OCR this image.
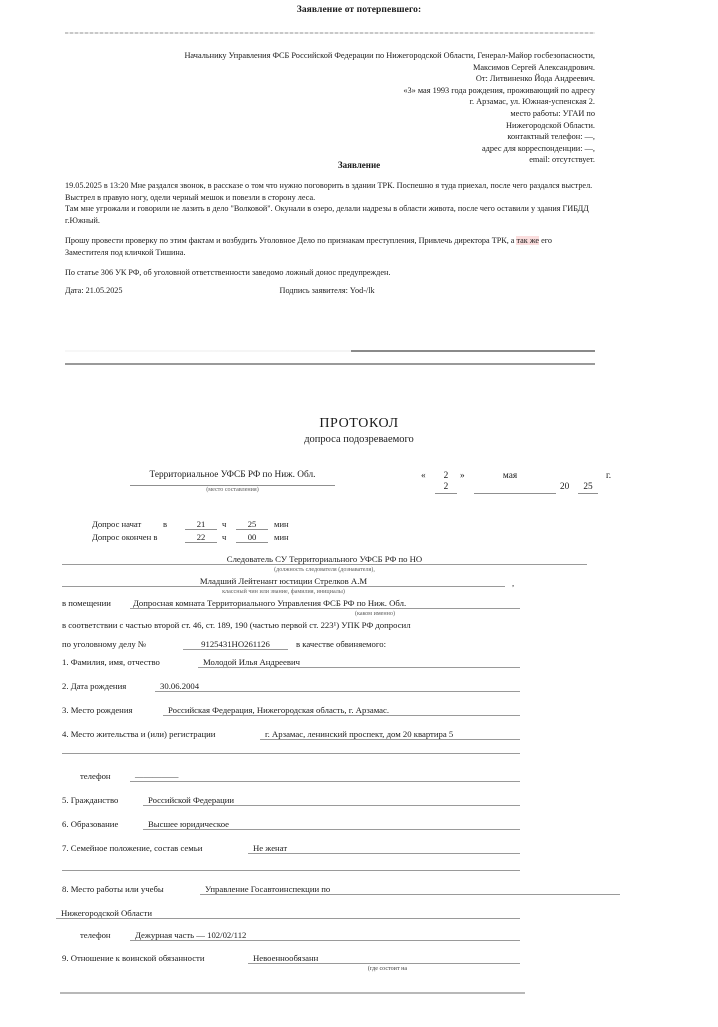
Заявление от потерпевшего:
Начальнику Управления ФСБ Российской Федерации по Нижегородской Области, Генерал-Майор госбезопасности,
Максимов Сергей Александрович.
От: Литвиненко Йода Андреевич.
«3» мая 1993 года рождения, проживающий по адресу
г. Арзамас, ул. Южная-успенская 2.
место работы: УГАИ по
Нижегородской Области.
контактный телефон: —,
адрес для корреспонденции: —,
email: отсутствует.
Заявление

19.05.2025 в 13:20 Мне раздался звонок, в рассказе о том что нужно поговорить в здании ТРК. Поспешно я туда приехал, после чего раздался выстрел. Выстрел в правую ногу, одели черный мешок и повезли в сторону леса.

Там мне угрожали и говорили не лазить в дело "Волковой". Окунали в озеро, делали надрезы в области живота, после чего оставили у здания ГИБДД г.Южный.

Прошу провести проверку по этим фактам и возбудить Уголовное Дело по признакам преступления, Привлечь директора ТРК, а так же его Заместителя под кличкой Тишина.

По статье 306 УК РФ, об уголовной ответственности заведомо ложный донос предупрежден.

Дата: 21.05.2025	Подпись заявителя: Yod-/lk
ПРОТОКОЛ
допроса подозреваемого
Территориальное УФСБ РФ по Ниж. Обл.
(место составления)
«	2	»	мая	г.
2	20	25
Допрос начат	в	21	ч	25	мин
Допрос окончен в	22	ч	00	мин
Следователь СУ Территориального УФСБ РФ по НО
(должность следователя (дознавателя),
Младший Лейтенант юстиции Стрелков А.М	,
классный чин или звание, фамилия, инициалы)
в помещении	Допросная комната Территориального Управления ФСБ РФ по Ниж. Обл.
(каком именно)
в соответствии с частью второй ст. 46, ст. 189, 190 (частью первой ст. 223¹) УПК РФ допросил
по уголовному делу №	9125431НО261126	в качестве обвиняемого:
1. Фамилия, имя, отчество	Молодой Илья Андреевич
2. Дата рождения	30.06.2004
3. Место рождения	Российская Федерация, Нижегородская область, г. Арзамас.
4. Место жительства и (или) регистрации	г. Арзамас, ленинский проспект, дом 20 квартира 5
телефон	—————
5. Гражданство	Российской Федерации
6. Образование	Высшее юридическое
7. Семейное положение, состав семьи	Не женат
8. Место работы или учебы	Управление Госавтоинспекции по
Нижегородской Области
телефон	Дежурная часть — 102/02/112
9. Отношение к воинской обязанности	Невоеннообязанн
(где состоит на
